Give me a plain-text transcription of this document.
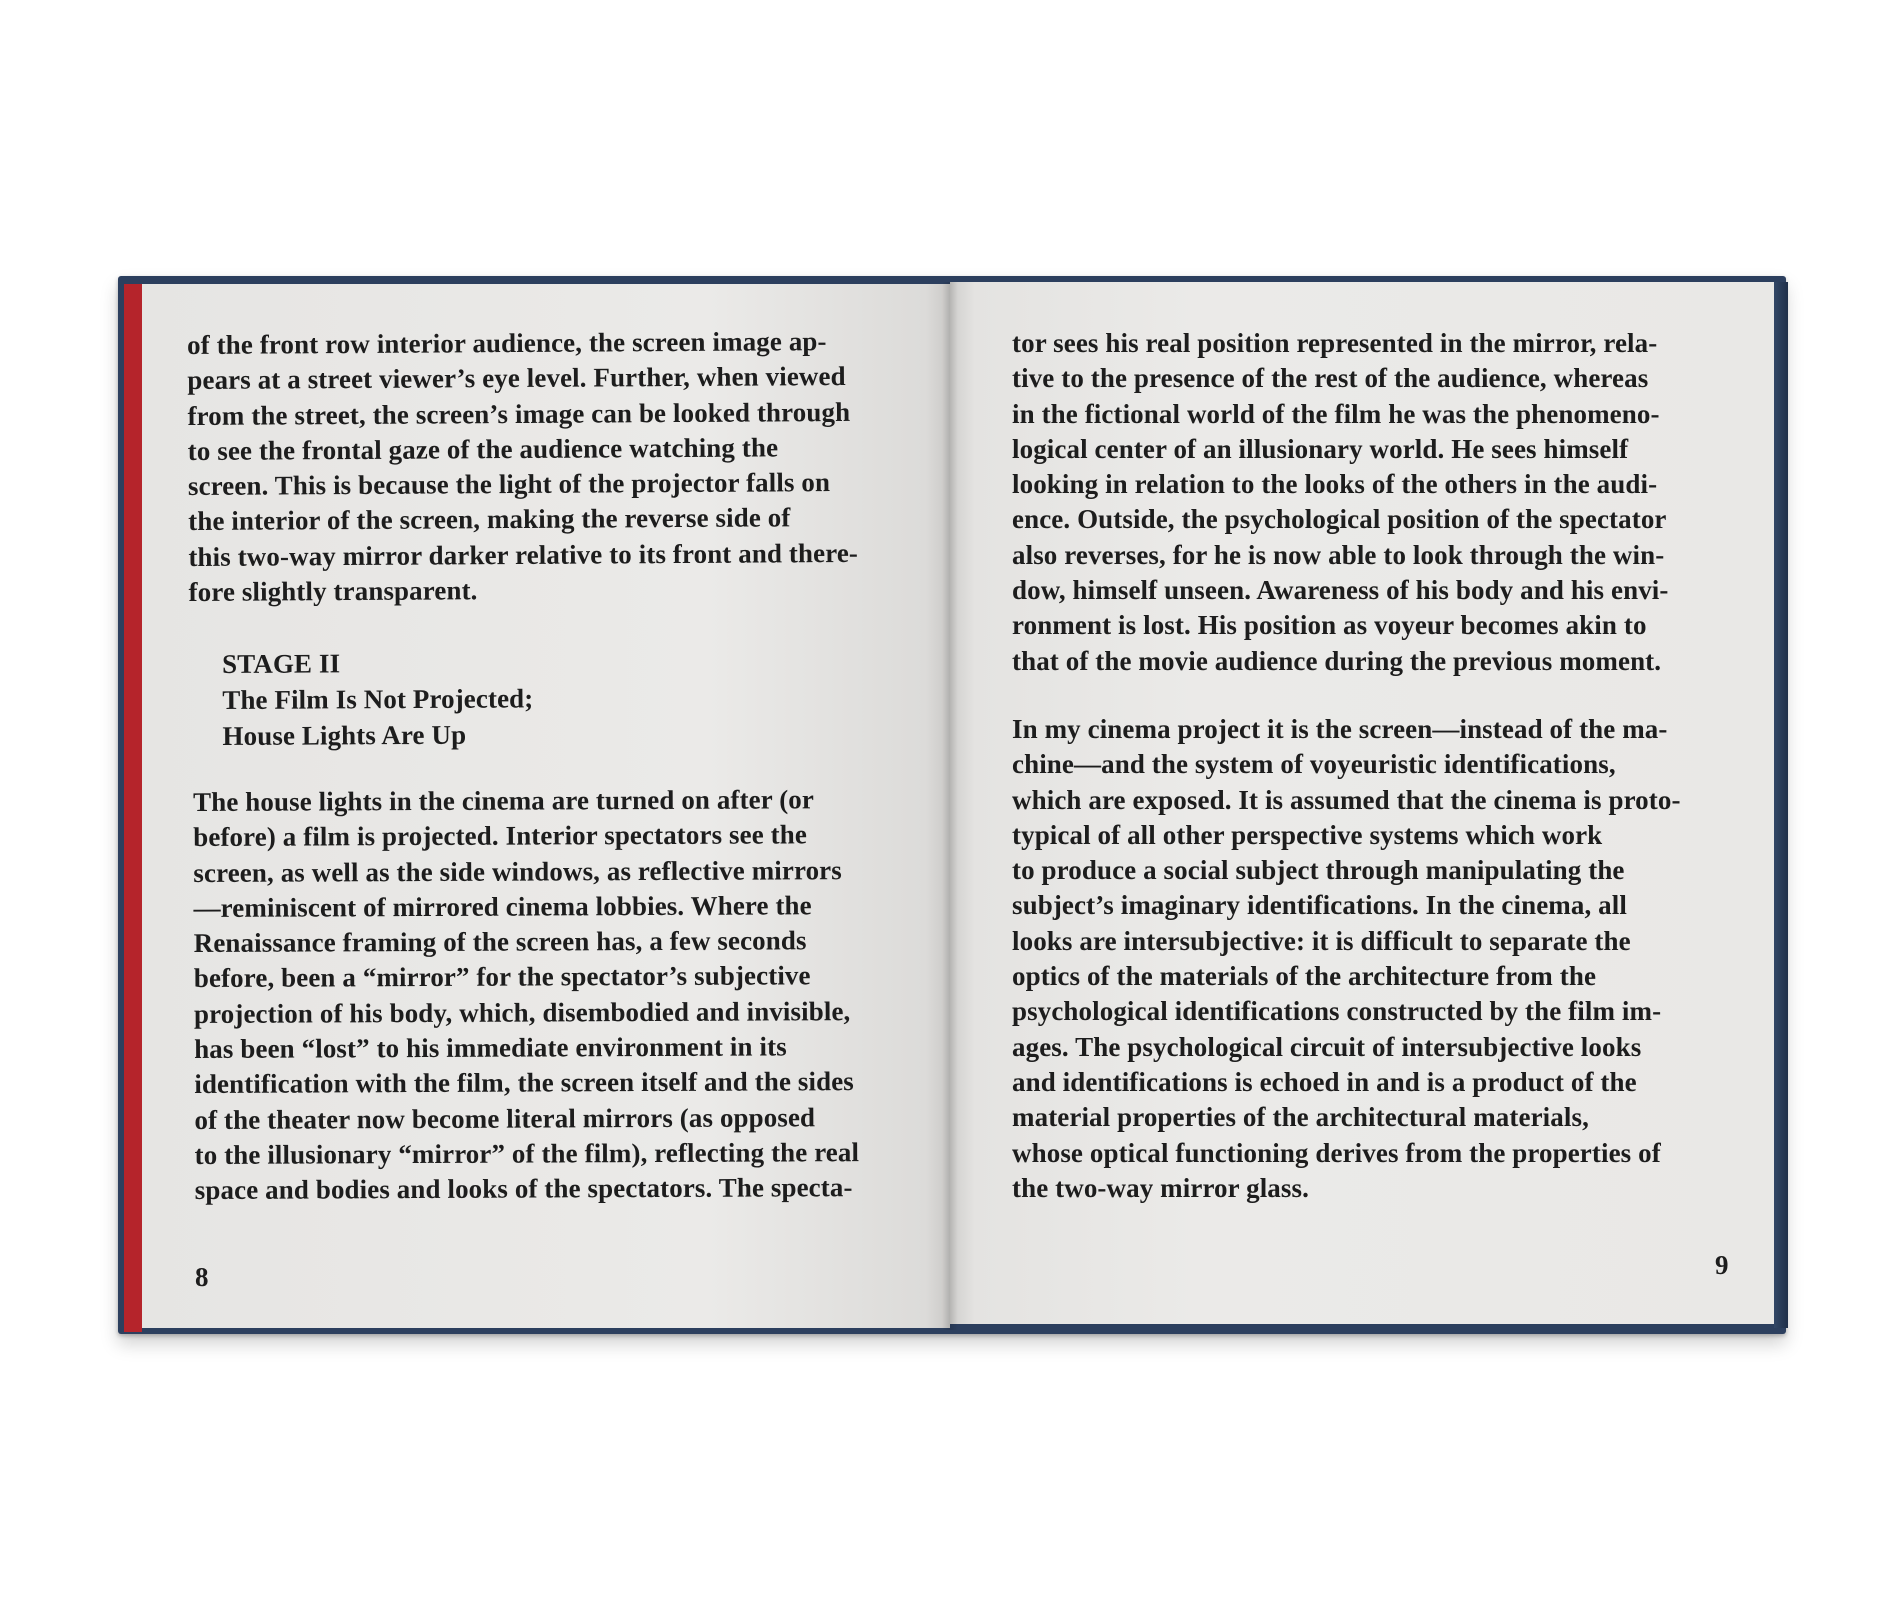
of the front row interior audience, the screen image ap-
pears at a street viewer’s eye level. Further, when viewed
from the street, the screen’s image can be looked through
to see the frontal gaze of the audience watching the
screen. This is because the light of the projector falls on
the interior of the screen, making the reverse side of
this two-way mirror darker relative to its front and there-
fore slightly transparent.
STAGE II
The Film Is Not Projected;
House Lights Are Up
The house lights in the cinema are turned on after (or
before) a film is projected. Interior spectators see the
screen, as well as the side windows, as reflective mirrors
—reminiscent of mirrored cinema lobbies. Where the
Renaissance framing of the screen has, a few seconds
before, been a “mirror” for the spectator’s subjective
projection of his body, which, disembodied and invisible,
has been “lost” to his immediate environment in its
identification with the film, the screen itself and the sides
of the theater now become literal mirrors (as opposed
to the illusionary “mirror” of the film), reflecting the real
space and bodies and looks of the spectators. The specta-
8
tor sees his real position represented in the mirror, rela-
tive to the presence of the rest of the audience, whereas
in the fictional world of the film he was the phenomeno-
logical center of an illusionary world. He sees himself
looking in relation to the looks of the others in the audi-
ence. Outside, the psychological position of the spectator
also reverses, for he is now able to look through the win-
dow, himself unseen. Awareness of his body and his envi-
ronment is lost. His position as voyeur becomes akin to
that of the movie audience during the previous moment.
In my cinema project it is the screen—instead of the ma-
chine—and the system of voyeuristic identifications,
which are exposed. It is assumed that the cinema is proto-
typical of all other perspective systems which work
to produce a social subject through manipulating the
subject’s imaginary identifications. In the cinema, all
looks are intersubjective: it is difficult to separate the
optics of the materials of the architecture from the
psychological identifications constructed by the film im-
ages. The psychological circuit of intersubjective looks
and identifications is echoed in and is a product of the
material properties of the architectural materials,
whose optical functioning derives from the properties of
the two-way mirror glass.
9
